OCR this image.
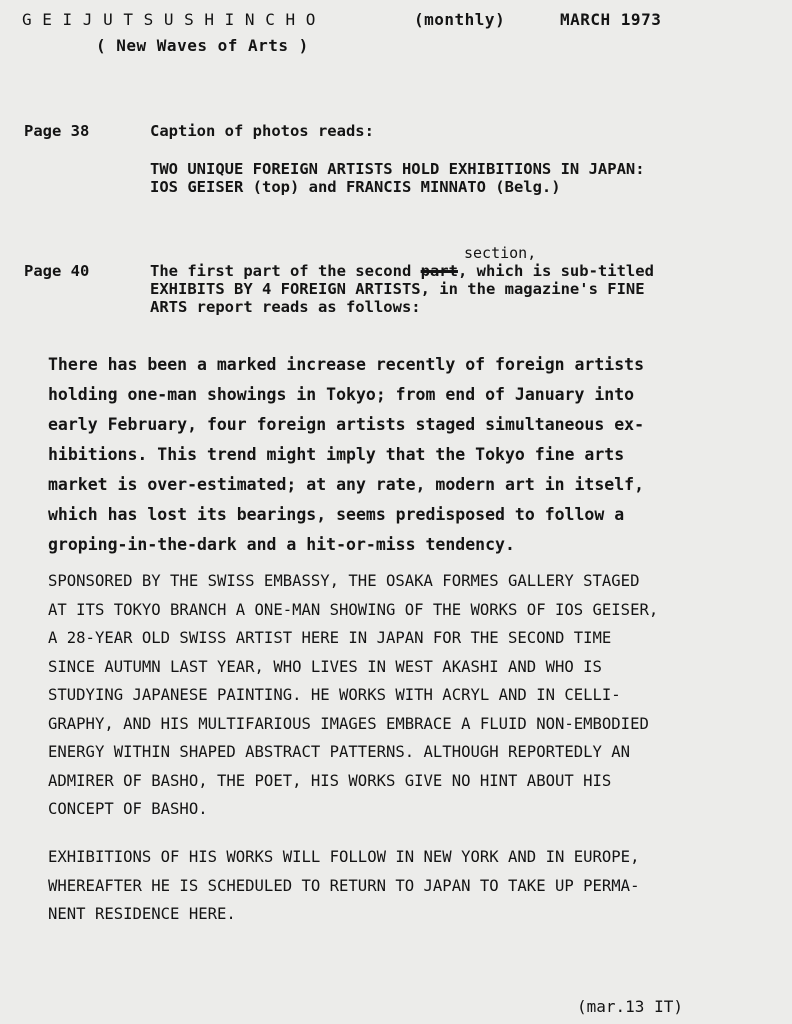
G E I J U T S U S H I N C H O	(monthly)	MARCH 1973
( New Waves of Arts )
Page 38	Caption of photos reads:
TWO UNIQUE FOREIGN ARTISTS HOLD EXHIBITIONS IN JAPAN:
IOS GEISER (top) and FRANCIS MINNATO (Belg.)
Page 40
section,
The first part of the second part, which is sub-titled
EXHIBITS BY 4 FOREIGN ARTISTS, in the magazine's FINE
ARTS report reads as follows:
There has been a marked increase recently of foreign artists
holding one-man showings in Tokyo; from end of January into
early February, four foreign artists staged simultaneous ex-
hibitions. This trend might imply that the Tokyo fine arts
market is over-estimated; at any rate, modern art in itself,
which has lost its bearings, seems predisposed to follow a
groping-in-the-dark and a hit-or-miss tendency.
SPONSORED BY THE SWISS EMBASSY, THE OSAKA FORMES GALLERY STAGED
AT ITS TOKYO BRANCH A ONE-MAN SHOWING OF THE WORKS OF IOS GEISER,
A 28-YEAR OLD SWISS ARTIST HERE IN JAPAN FOR THE SECOND TIME
SINCE AUTUMN LAST YEAR, WHO LIVES IN WEST AKASHI AND WHO IS
STUDYING JAPANESE PAINTING. HE WORKS WITH ACRYL AND IN CELLI-
GRAPHY, AND HIS MULTIFARIOUS IMAGES EMBRACE A FLUID NON-EMBODIED
ENERGY WITHIN SHAPED ABSTRACT PATTERNS. ALTHOUGH REPORTEDLY AN
ADMIRER OF BASHO, THE POET, HIS WORKS GIVE NO HINT ABOUT HIS
CONCEPT OF BASHO.
EXHIBITIONS OF HIS WORKS WILL FOLLOW IN NEW YORK AND IN EUROPE,
WHEREAFTER HE IS SCHEDULED TO RETURN TO JAPAN TO TAKE UP PERMA-
NENT RESIDENCE HERE.
(mar.13 IT)
